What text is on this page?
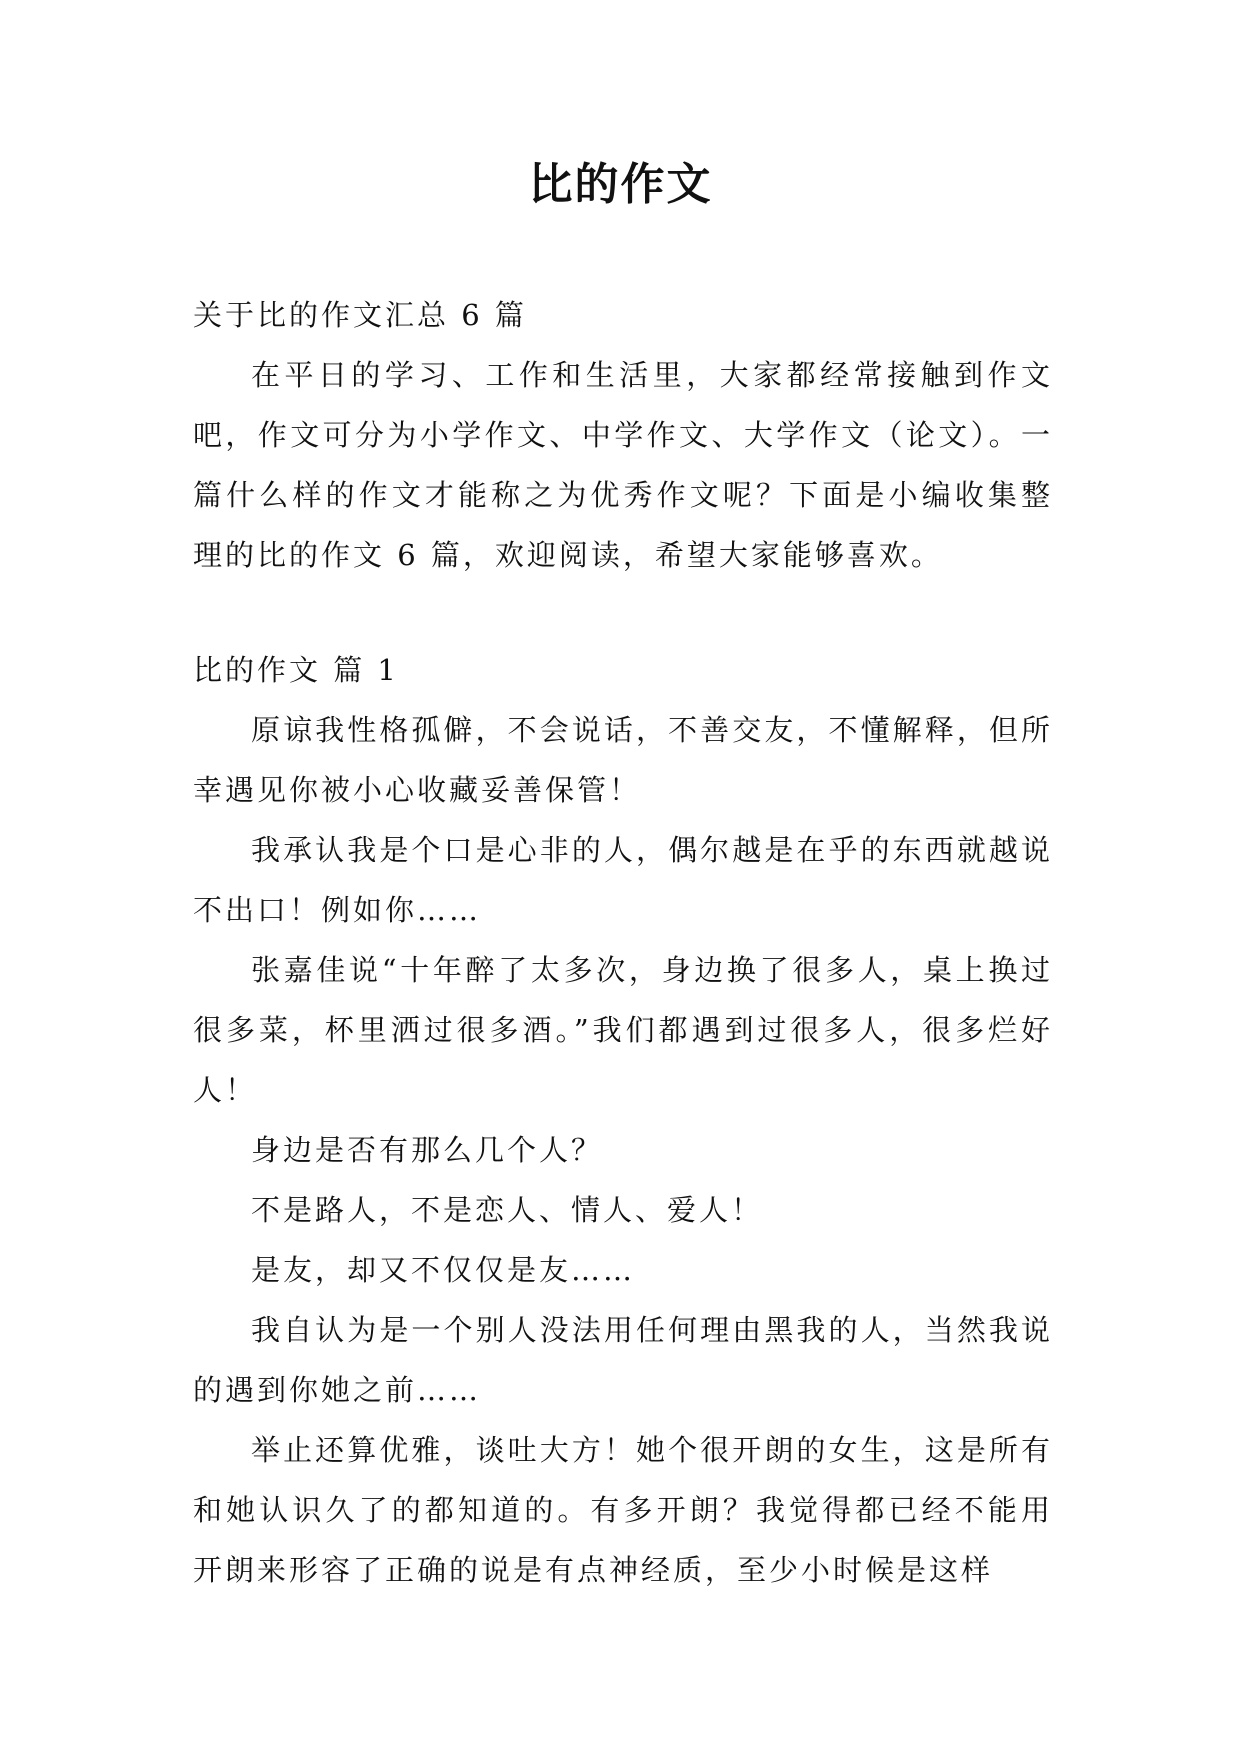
比的作文

关于比的作文汇总 6 篇

在平日的学习、工作和生活里，大家都经常接触到作文吧，作文可分为小学作文、中学作文、大学作文（论文）。一篇什么样的作文才能称之为优秀作文呢？下面是小编收集整理的比的作文 6 篇，欢迎阅读，希望大家能够喜欢。

比的作文 篇 1

原谅我性格孤僻，不会说话，不善交友，不懂解释，但所幸遇见你被小心收藏妥善保管！

我承认我是个口是心非的人，偶尔越是在乎的东西就越说不出口！例如你……

张嘉佳说“十年醉了太多次，身边换了很多人，桌上换过很多菜，杯里洒过很多酒。”我们都遇到过很多人，很多烂好人！

身边是否有那么几个人？

不是路人，不是恋人、情人、爱人！

是友，却又不仅仅是友……

我自认为是一个别人没法用任何理由黑我的人，当然我说的遇到你她之前……

举止还算优雅，谈吐大方！她个很开朗的女生，这是所有和她认识久了的都知道的。有多开朗？我觉得都已经不能用开朗来形容了正确的说是有点神经质，至少小时候是这样
